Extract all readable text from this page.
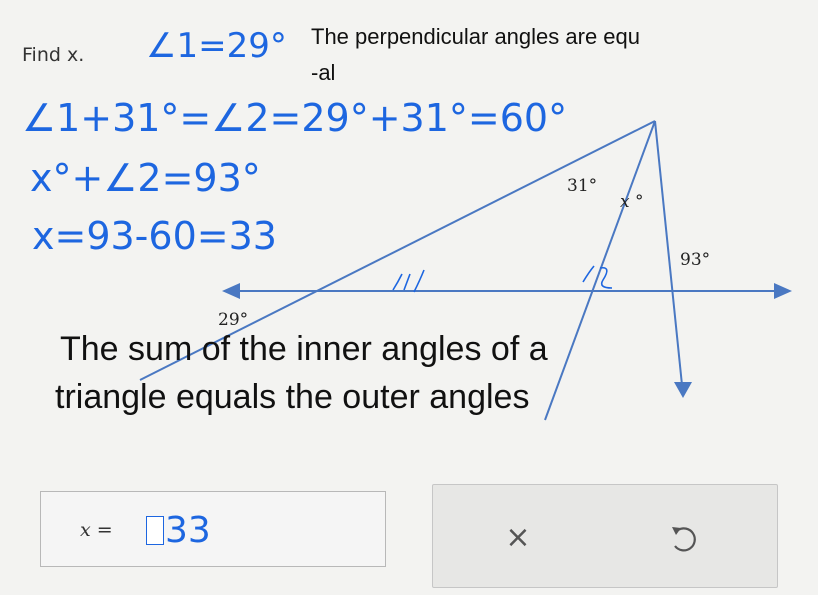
Find x. ∠1=29°
∠1+31°=∠2=29°+31°=60°
x°+∠2=93°
x=93-60=33
The perpendicular angles are equ
-al
29°
31°
x °
93°
The sum of the inner angles of a
triangle equals the outer angles
x = 33	×
